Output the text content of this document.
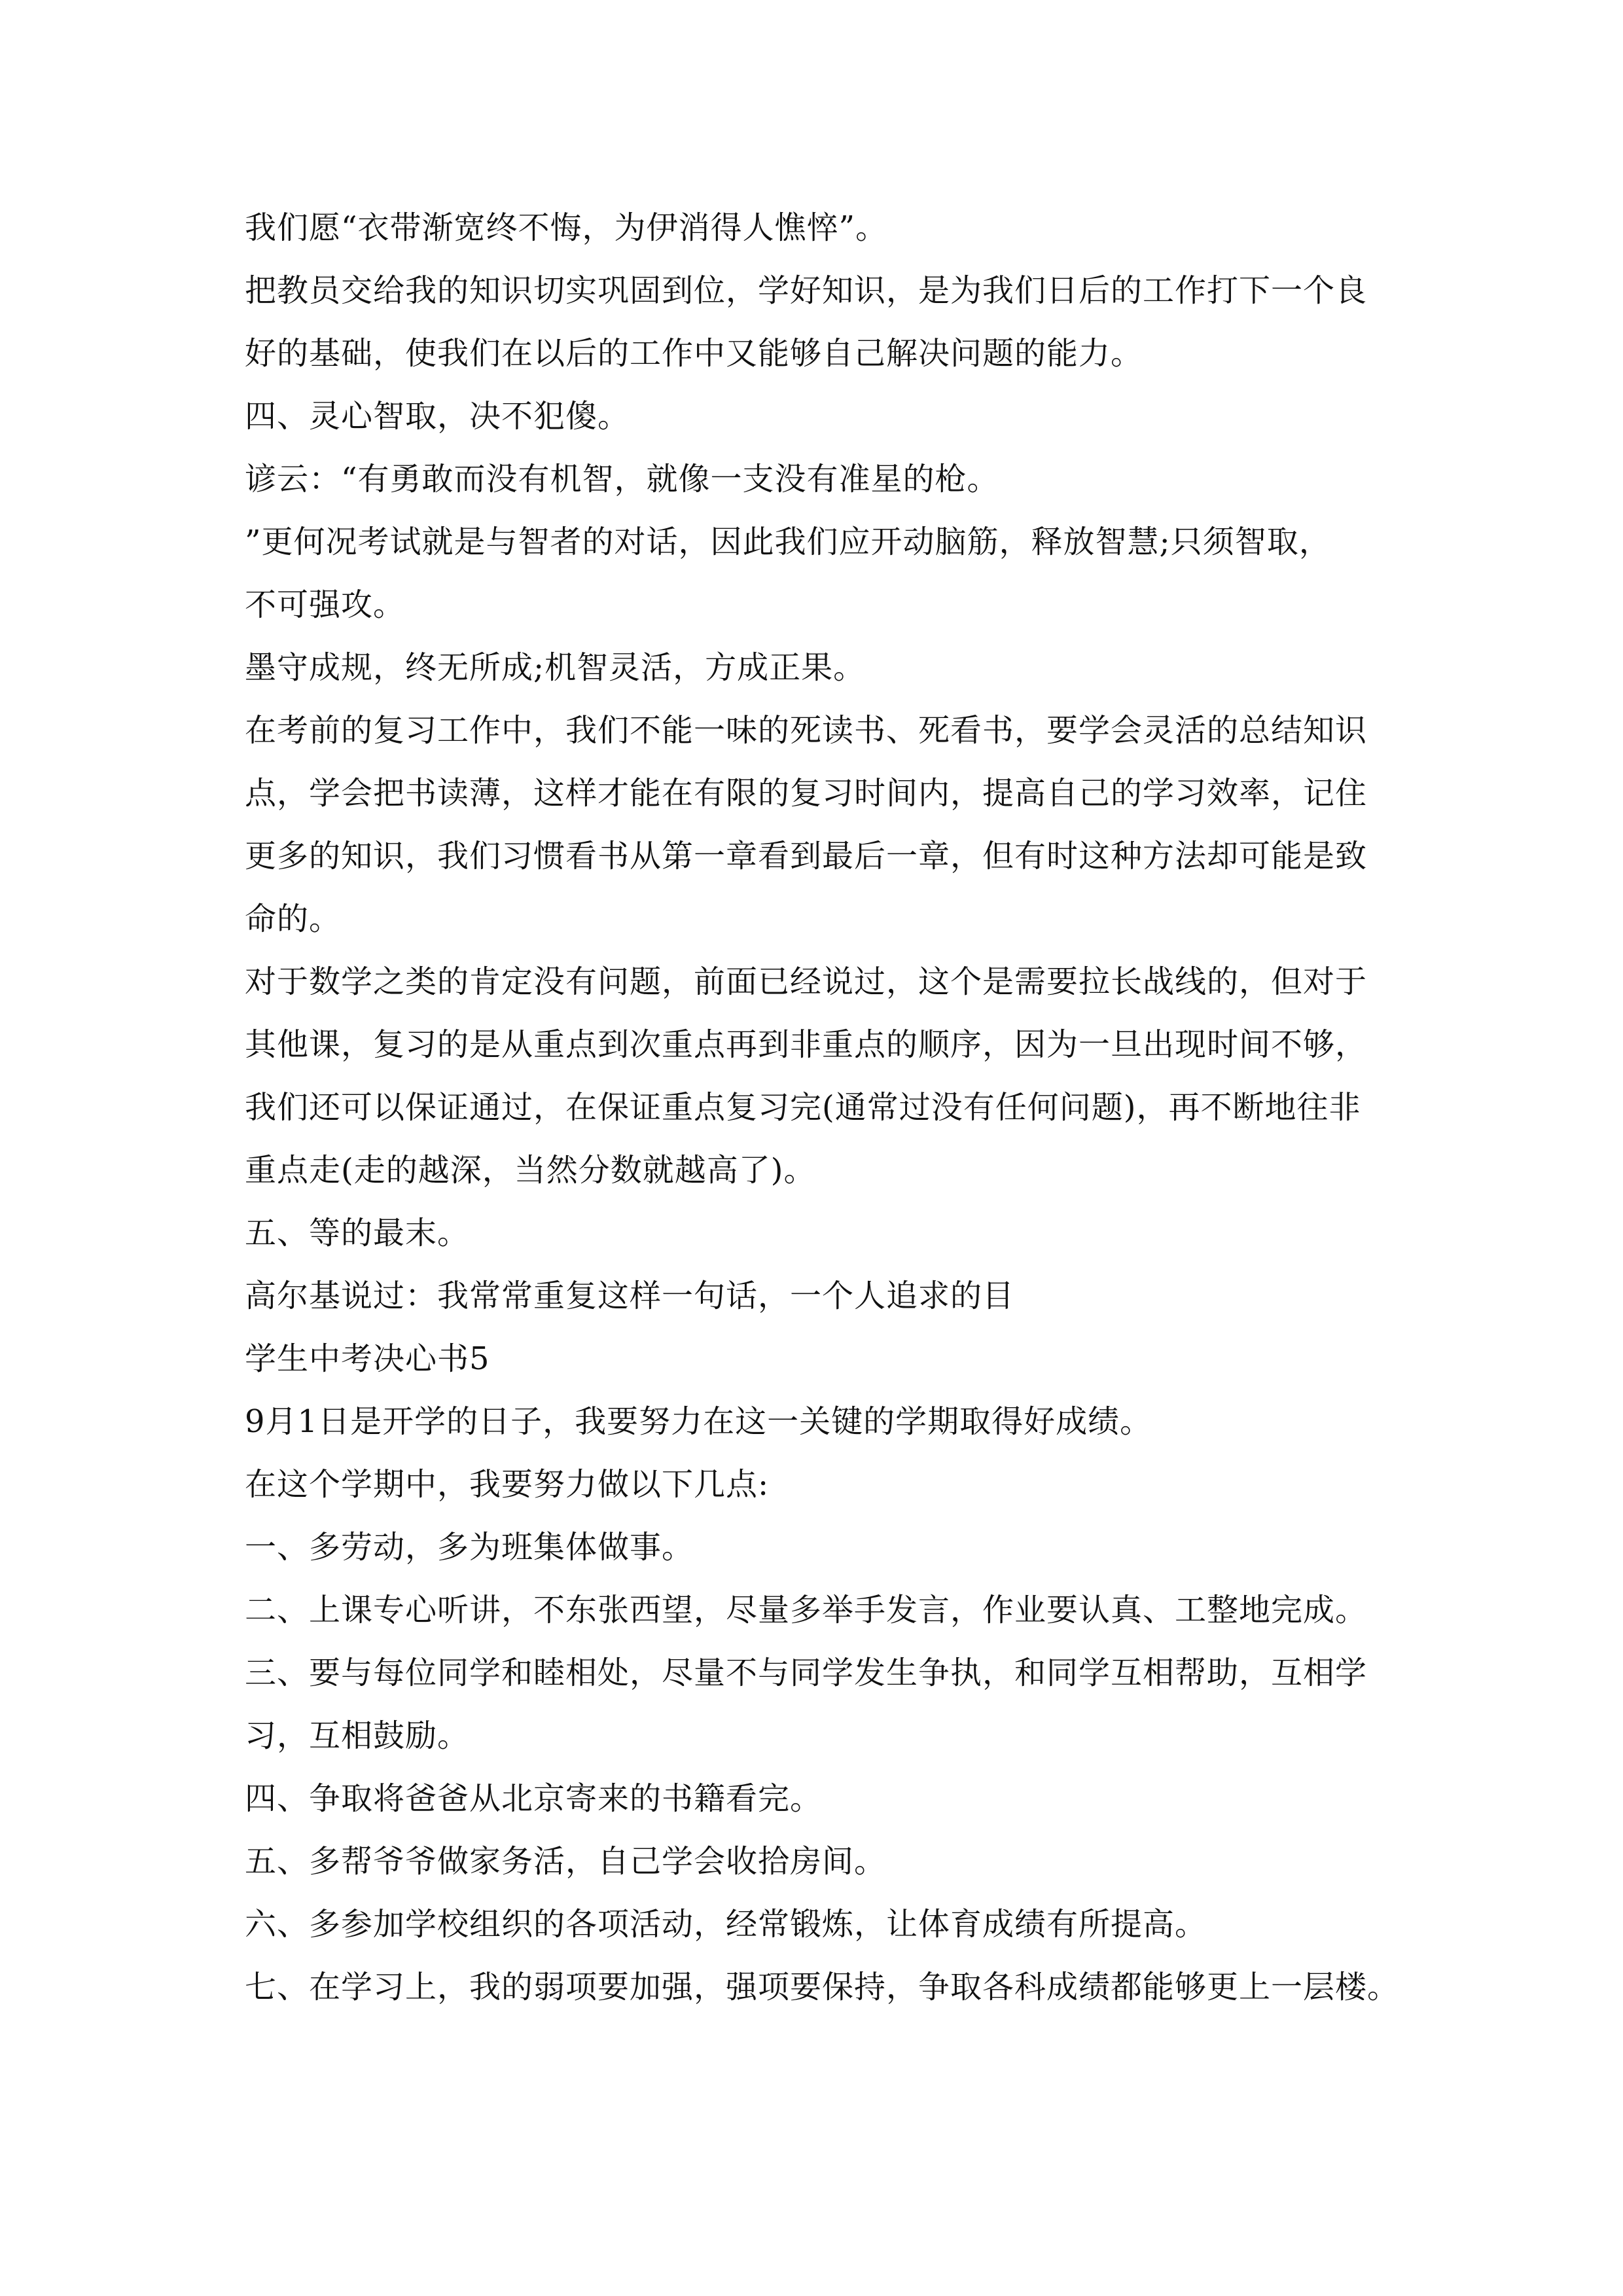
我们愿“衣带渐宽终不悔，为伊消得人憔悴”。
把教员交给我的知识切实巩固到位，学好知识，是为我们日后的工作打下一个良
好的基础，使我们在以后的工作中又能够自己解决问题的能力。
四、灵心智取，决不犯傻。
谚云：“有勇敢而没有机智，就像一支没有准星的枪。
”更何况考试就是与智者的对话，因此我们应开动脑筋，释放智慧;只须智取，
不可强攻。
墨守成规，终无所成;机智灵活，方成正果。
在考前的复习工作中，我们不能一味的死读书、死看书，要学会灵活的总结知识
点，学会把书读薄，这样才能在有限的复习时间内，提高自己的学习效率，记住
更多的知识，我们习惯看书从第一章看到最后一章，但有时这种方法却可能是致
命的。
对于数学之类的肯定没有问题，前面已经说过，这个是需要拉长战线的，但对于
其他课，复习的是从重点到次重点再到非重点的顺序，因为一旦出现时间不够，
我们还可以保证通过，在保证重点复习完(通常过没有任何问题)，再不断地往非
重点走(走的越深，当然分数就越高了)。
五、等的最末。
高尔基说过：我常常重复这样一句话，一个人追求的目
学生中考决心书5
9月1日是开学的日子，我要努力在这一关键的学期取得好成绩。
在这个学期中，我要努力做以下几点:
一、多劳动，多为班集体做事。
二、上课专心听讲，不东张西望，尽量多举手发言，作业要认真、工整地完成。
三、要与每位同学和睦相处，尽量不与同学发生争执，和同学互相帮助，互相学
习，互相鼓励。
四、争取将爸爸从北京寄来的书籍看完。
五、多帮爷爷做家务活，自己学会收拾房间。
六、多参加学校组织的各项活动，经常锻炼，让体育成绩有所提高。
七、在学习上，我的弱项要加强，强项要保持，争取各科成绩都能够更上一层楼。
